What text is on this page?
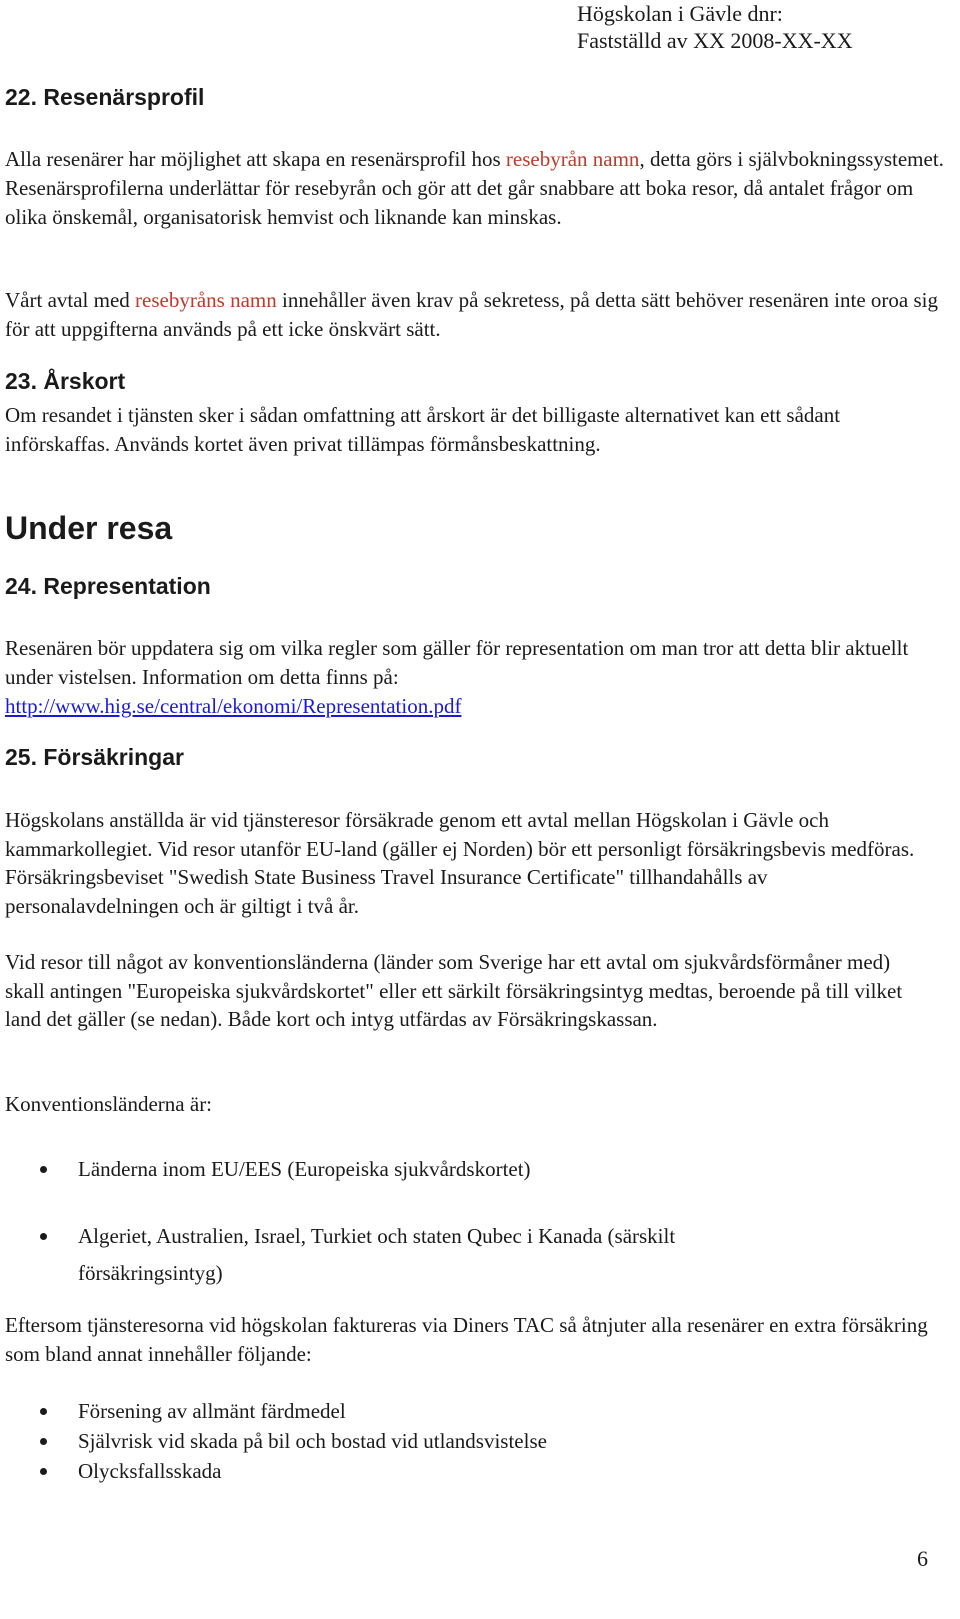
Högskolan i Gävle dnr:
Fastställd av XX 2008-XX-XX
22. Resenärsprofil
Alla resenärer har möjlighet att skapa en resenärsprofil hos resebyrån namn, detta görs i självbokningssystemet. Resenärsprofilerna underlättar för resebyrån och gör att det går snabbare att boka resor, då antalet frågor om olika önskemål, organisatorisk hemvist och liknande kan minskas.
Vårt avtal med resebyråns namn innehåller även krav på sekretess, på detta sätt behöver resenären inte oroa sig för att uppgifterna används på ett icke önskvärt sätt.
23. Årskort
Om resandet i tjänsten sker i sådan omfattning att årskort är det billigaste alternativet kan ett sådant införskaffas. Används kortet även privat tillämpas förmånsbeskattning.
Under resa
24. Representation
Resenären bör uppdatera sig om vilka regler som gäller för representation om man tror att detta blir aktuellt under vistelsen. Information om detta finns på:
http://www.hig.se/central/ekonomi/Representation.pdf
25. Försäkringar
Högskolans anställda är vid tjänsteresor försäkrade genom ett avtal mellan Högskolan i Gävle och kammarkollegiet. Vid resor utanför EU-land (gäller ej Norden) bör ett personligt försäkringsbevis medföras. Försäkringsbeviset "Swedish State Business Travel Insurance Certificate" tillhandahålls av personalavdelningen och är giltigt i två år.
Vid resor till något av konventionsländerna (länder som Sverige har ett avtal om sjukvårdsförmåner med) skall antingen "Europeiska sjukvårdskortet" eller ett särkilt försäkringsintyg medtas, beroende på till vilket land det gäller (se nedan). Både kort och intyg utfärdas av Försäkringskassan.
Konventionsländerna är:
Länderna inom EU/EES (Europeiska sjukvårdskortet)
Algeriet, Australien, Israel, Turkiet och staten Qubec i Kanada (särskilt försäkringsintyg)
Eftersom tjänsteresorna vid högskolan faktureras via Diners TAC så åtnjuter alla resenärer en extra försäkring som bland annat innehåller följande:
Försening av allmänt färdmedel
Självrisk vid skada på bil och bostad vid utlandsvistelse
Olycksfallsskada
6
